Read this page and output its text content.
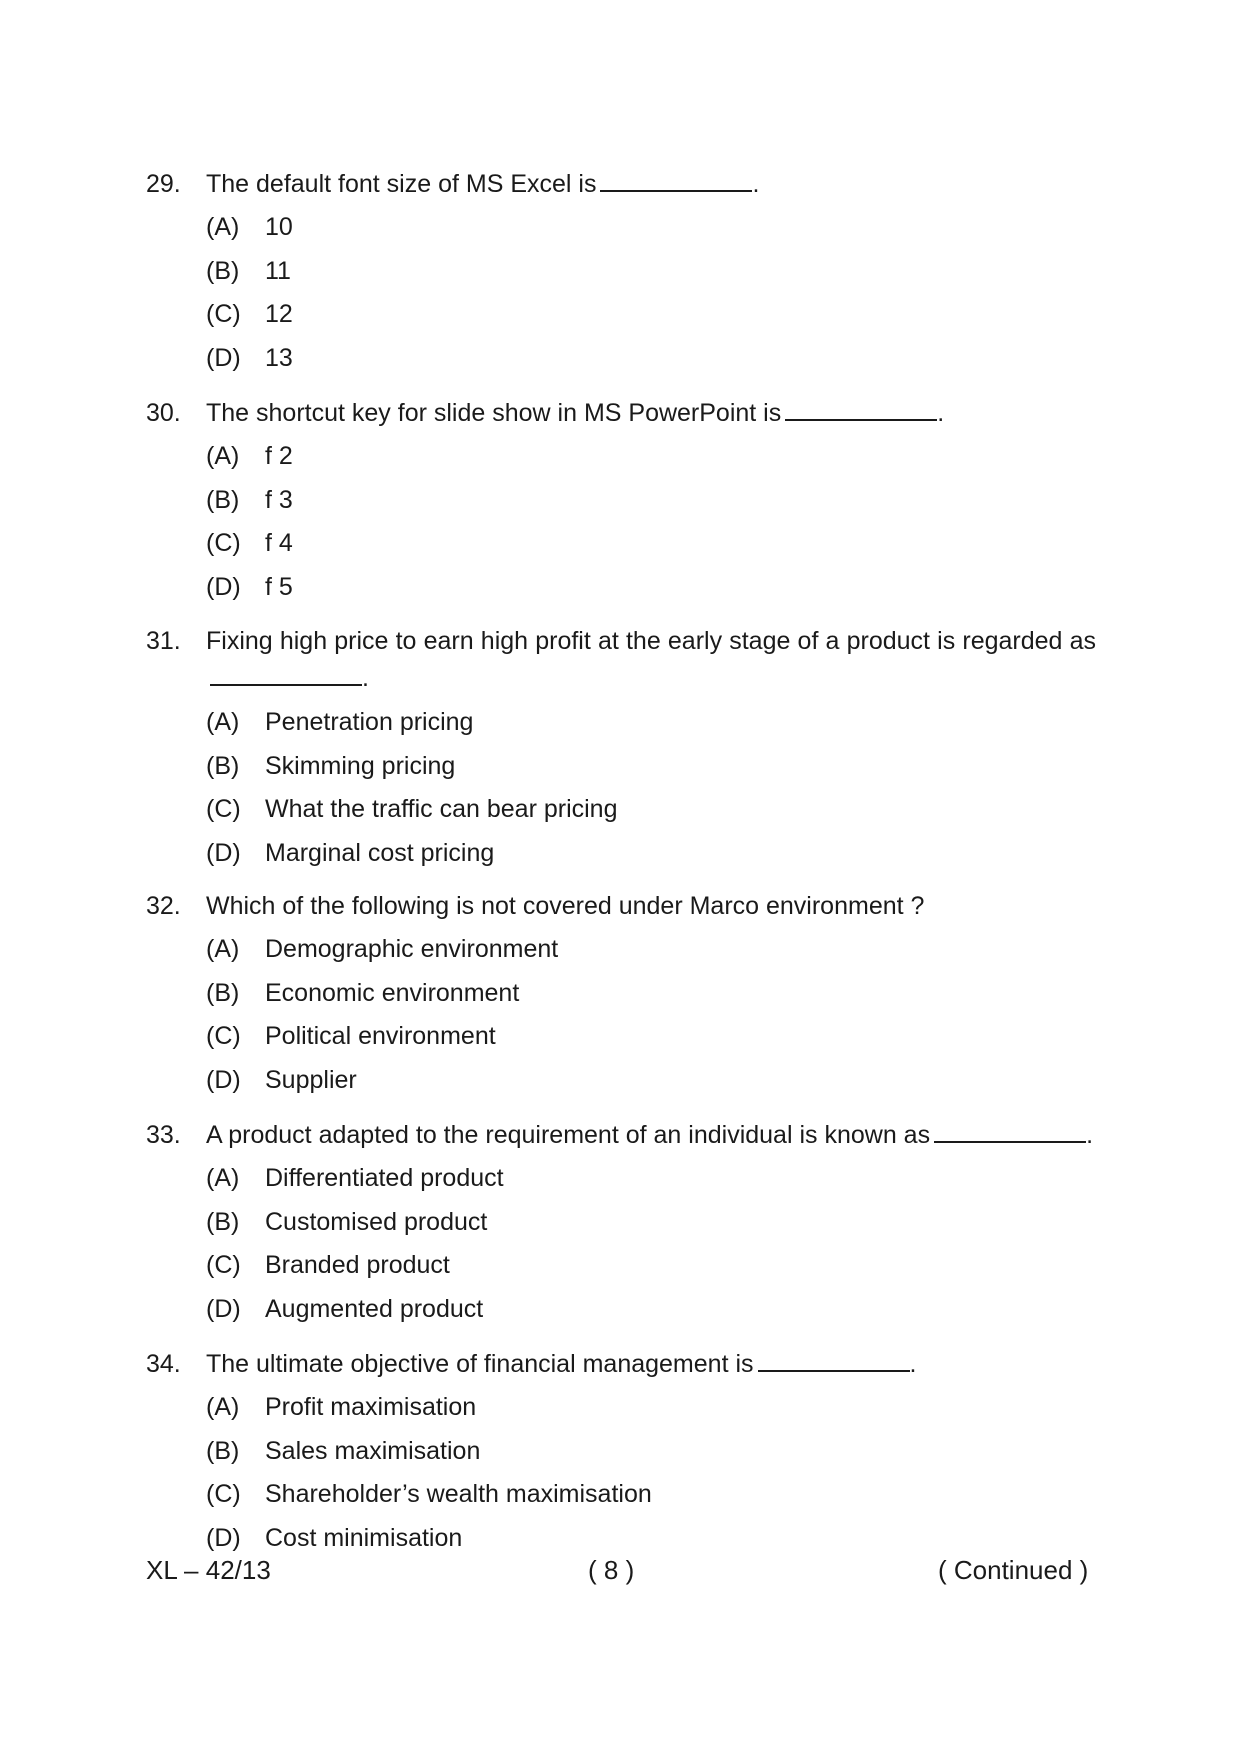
29.	The default font size of MS Excel is	.
(A) 10
(B) 11
(C) 12
(D) 13
30.	The shortcut key for slide show in MS PowerPoint is	.
(A) f 2
(B) f 3
(C) f 4
(D) f 5
31.	Fixing high price to earn high profit at the early stage of a product is regarded as.
(A) Penetration pricing
(B) Skimming pricing
(C) What the traffic can bear pricing
(D) Marginal cost pricing
32.	Which of the following is not covered under Marco environment ?
(A) Demographic environment
(B) Economic environment
(C) Political environment
(D) Supplier
33.	A product adapted to the requirement of an individual is known as	.
(A) Differentiated product
(B) Customised product
(C) Branded product
(D) Augmented product
34.	The ultimate objective of financial management is	.
(A) Profit maximisation
(B) Sales maximisation
(C) Shareholder’s wealth maximisation
(D) Cost minimisation
XL – 42/13	( 8 )	( Continued )
